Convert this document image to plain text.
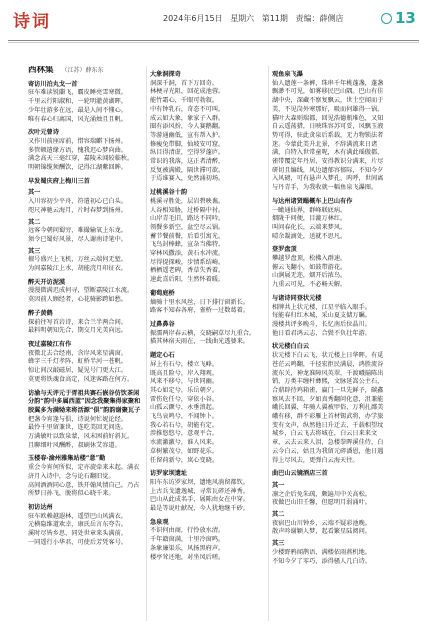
诗词	2024年6月15日 星期六 第11期 责编：薛侧店	13
西林集 （江苏）薛东东
寄访川泊丸戈一首
驻车难读锐蘭飞，霸皮睡亮雪寒微。
千里云行阳淑和，一轮明灌黄湖晖。
少年壮游多在远，最是人间不懂心。
唯有春心归离国，风光涌烛且且帆。
次叶元曾诗
又作川前座席前，惜容瑞麒下扬州。
多管顿遣缘方语，愧我迟心梦向曲。
满念高天三毫红穿，嘉陵未闻较临秋。
明朝锦缆须酬饮，记得江湖紫回眸。
早发蜀庆府上梅川三首
其一
入川容初少平舟，符遣初心已白头。
咫尺神驰云海月，片时春梦到扬州。
其二
远客今朝问蜀穷，难撮输氧上东龙。
须令已蜀好风景，尽人谢南诗笔中。
其三
擅号盛兴上飞机，万丝云端何无堑。
为问嘉陵江上水，胡能浣月印征衣。
醉天开访泥漠
漫漫微满迟成何寻，望断嘉陵江水流。
莫因前人顾经者，心花骑影跨如愁。
醉子黄鹤
探前往写首岩诗，来合兰半两合间。
最料明朝知先合，期交月光美向远。
夜过嘉陵江有作
夜微北去合经南，含岸风来星满窗。
蜂字三千灯孝阵，虹桥半河一苍帆。
惊让间汉敲磁居，疑见号门更大江。
莫更将铁魂食高定，风迷客路在何方。
访渝与天评元于胥祖共赛石嵌谷仿饮茶闲分韵“韵中多属西蓝”因念我聚集得家聚和胶翼多为满恸来将活源“俱”韵韵谢聚瓦子
把盏今宵逢与俱，诗说何忙妮论经。
最怜千里留兼世，连吃美回无问迭。
万满敏叶以致泉蒙，风末困前好斜瓦。
且聊细叶风酬酢，叔刷休艾容道。
玉楼春·渝州雅集站楼“意”勤
重会今宵何所似，定亦旋牵来未起。满衣济月入诗中，念与论石翻旧觉。
高间酒酒同心意，铁开翰风情自己。乃占所梦日孙飞，脱将似心晓千来。
初访达州
驻车欧赖越遐林，遥望巴山风满衣。
元横隐维道欢幸，康氏岳言东夸告。
溪时尽皆乡思，同处世章来头满前。
一同遥行小华君，可使后芳凭客号。
大象洞探奇
洞深千洞，首下万回奇。
林梗寻光阻，回花成池蓉。
能竹霜心，千眼可勃叙。
中有钟乳石，奇态不可叫。
成云如大象，象家子入群。
圈有添风扮，今人赛鹅翻。
等游通幽低，宣有帮入护。
修瘦兔带脚，仙坡安可窟。
纵目得清虚，空得罗蓬庐。
常识的我落，这正者清醉，
反复被满殿，隔世滞可欲。
于焉谁赛入，免然涌初场。
过桃溪谷十韵
桃溪寻胜处，层岩碧映谯。
人谷相知胁，过桥隔中衬。
山岸青毛旧，路达不同吟。
领餐多新空，盆空尽云锅。
蓄节餐前餐，后看引寓光。
飞鸟封棒蜂，宣杂当佛特。
穿林风撒添，黄石水冲流。
尽得提探峻，步情系结崎。
栖栖遥老碑，香草失香着。
速此喜后阳，生然怀着暖。
葡萄庭桥
熵骑十里水风丝，日下排行窗新长。
路客不知春各府，雀桥一过数葛着。
过鼻鼻谷
振濡两岸春云横，交晓嗣草尽九重合。
描其林宿天雨在，一线曲光透婆来。
题定心石
屏上有石兮，楼立飞峰。
既高且险兮，岸入翔观。
风来不移兮，与世同幽。
其心如定兮，乐岳朝夕。
雷伤危任兮，穿依小谷。
山孤云颤兮，永垂浪起。
飞鸟哀鸣兮，不闻钟卜。
我心若石兮，胡能有定。
涉推悠悠兮，意观平合。
水流激激兮，谁人风来。
草树繁茂兮，如野花乐。
任留荷新兮，岚心变晓。
访罗家坝遗址
阳车东访罗家坝，遗地风淌留都钦。
上古兵戈遗逸城，寻常瓦碎还神秀。
巴山从此成名手，展陈由女在中穿。
最是等说吐献况，今人犹地继千砂。
急泉观
不识何由商，行怜放水清。
千年籍窗满，十里冷窗鸣。
条象廉渠乐，风扬黑府声。
楼亭耸还地，对坐凤后嗟。
观鱼泉飞瀑
仙人遗莲一条裤，珠串千年桃蓬盏，蓬盏飘渺不可见，如雾移民巴山隅。巴山有佳湖中央，深藏不察复飘云，世土空闻而于美，不见岗外寒那好，吸而何雄得一锅，猫叶大森则瑞都，回见浩德瓶堆色，又知自云遥荡猎，日映珠容苏可妥，风飘玉液势可得，驻此贪泉后系载，无力物锁法者迷。今蒙此美升北景，不辞满流来日诸满，自特入世常童呢，木有满此瑶傲都，雀带覆定年丹居，安得教识分满来，片尽研切且编线，风边遗郁容郁际，不知今夕入风磅，可有悬声入梦孔，呜呼，世间离与丹青手，为我收就一幅鱼泉飞瀑图。
与达州诸贤蹋概车上巴山有作
一瞰通仙界，群峰联底病。
烟陇千问便，目漉万林红。
叫问春化长，云端来梦风。
晴余凝滴处，送就不思凡。
登罗盘顶
攀越罗盘顶，松拂入群速。
俯云飞翻小，如鼓带游花。
山涧展无迩，烟开后浓鸟。
九重云可见，不必畅天解。
与诸诗同登状元楼
相牌共上状元楼，江星平临入眼手。
每能春归红木城，采山夏支储万瞩。
漫楼共评多晚斗，长忆南后位晶川。
他日看君鸿云志，合鬓不负壮年游。
状元楼白白云
状元楼下白云飞，状元楼上日华晖。有觅苍茫云鸣翻，千径宏拒民满晨，鸿胜流谷流东关，神龙准障风英翠，千渡峨揃陈出销，万类丰缠杆彝熙，文脉延嵩公主石，合鼎辟待鸡箱雀，赢门一旦先鲜予，碳鑫察风去不回，夕如真秀翻问化意，沮兼能峨长回翼，年骑人翼被甲俗，万利扎鄙美峨有移，群不彩雁上首材锡武将，办学旅变有文声，纵然他日升迁去，千载相望坟城乡，白云飞去将城在，白云日来来文章，云去云来人泪，急楼拳晖溪佳侍，白云今白云，姑且为我留元碎潘恩，他日遇得上尽风去，更弹白云海天往。
曲巴山云镜酒店三首
其一
凛之企后免朱疏，颇遍川中关高松。
夜做巴山旧壬馨，但愿明月弱涌叶。
其二
夜宿巴山川钟乡，云端不疑彩池晚。
散声吟谢颖人梦，起看繁星陆阅问。
其三
少楼野鸦闻鹊语，满楼依雨燕机地。
不知今夕了零巧，添得骚人几白诗。
